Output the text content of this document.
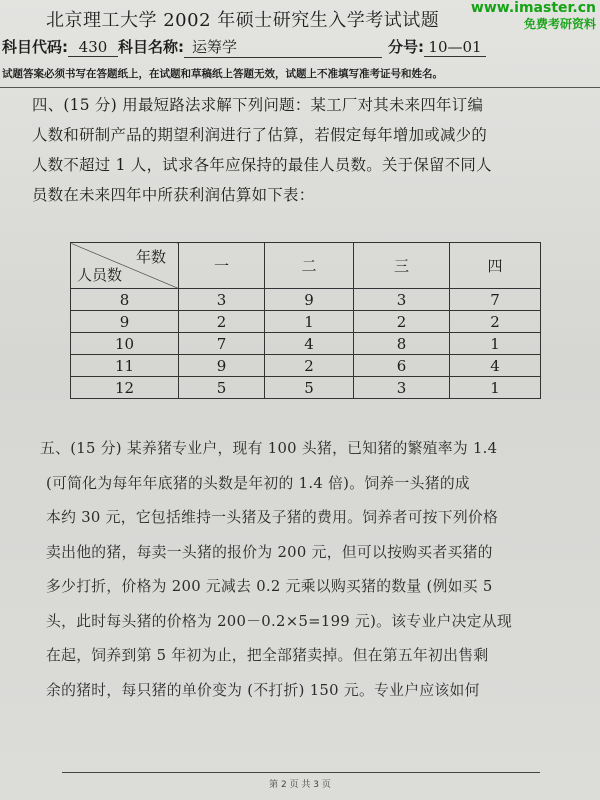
北京理工大学 2002 年硕士研究生入学考试试题
www.imaster.cn
免费考研资料
科目代码: 430 科目名称: 运筹学	分号: 10—01
试题答案必须书写在答题纸上，在试题和草稿纸上答题无效，试题上不准填写准考证号和姓名。
四、(15 分) 用最短路法求解下列问题：某工厂对其未来四年订编
人数和研制产品的期望利润进行了估算，若假定每年增加或减少的
人数不超过 1 人，试求各年应保持的最佳人员数。关于保留不同人
员数在未来四年中所获利润估算如下表：
年数
人员数	一	二	三	四
8	3	9	3	7
9	2	1	2	2
10	7	4	8	1
11	9	2	6	4
12	5	5	3	1
五、(15 分) 某养猪专业户，现有 100 头猪，已知猪的繁殖率为 1.4
(可简化为每年年底猪的头数是年初的 1.4 倍)。饲养一头猪的成
本约 30 元，它包括维持一头猪及子猪的费用。饲养者可按下列价格
卖出他的猪，每卖一头猪的报价为 200 元，但可以按购买者买猪的
多少打折，价格为 200 元减去 0.2 元乘以购买猪的数量 (例如买 5
头，此时每头猪的价格为 200－0.2×5=199 元)。该专业户决定从现
在起，饲养到第 5 年初为止，把全部猪卖掉。但在第五年初出售剩
余的猪时，每只猪的单价变为 (不打折) 150 元。专业户应该如何
第 2 页 共 3 页
